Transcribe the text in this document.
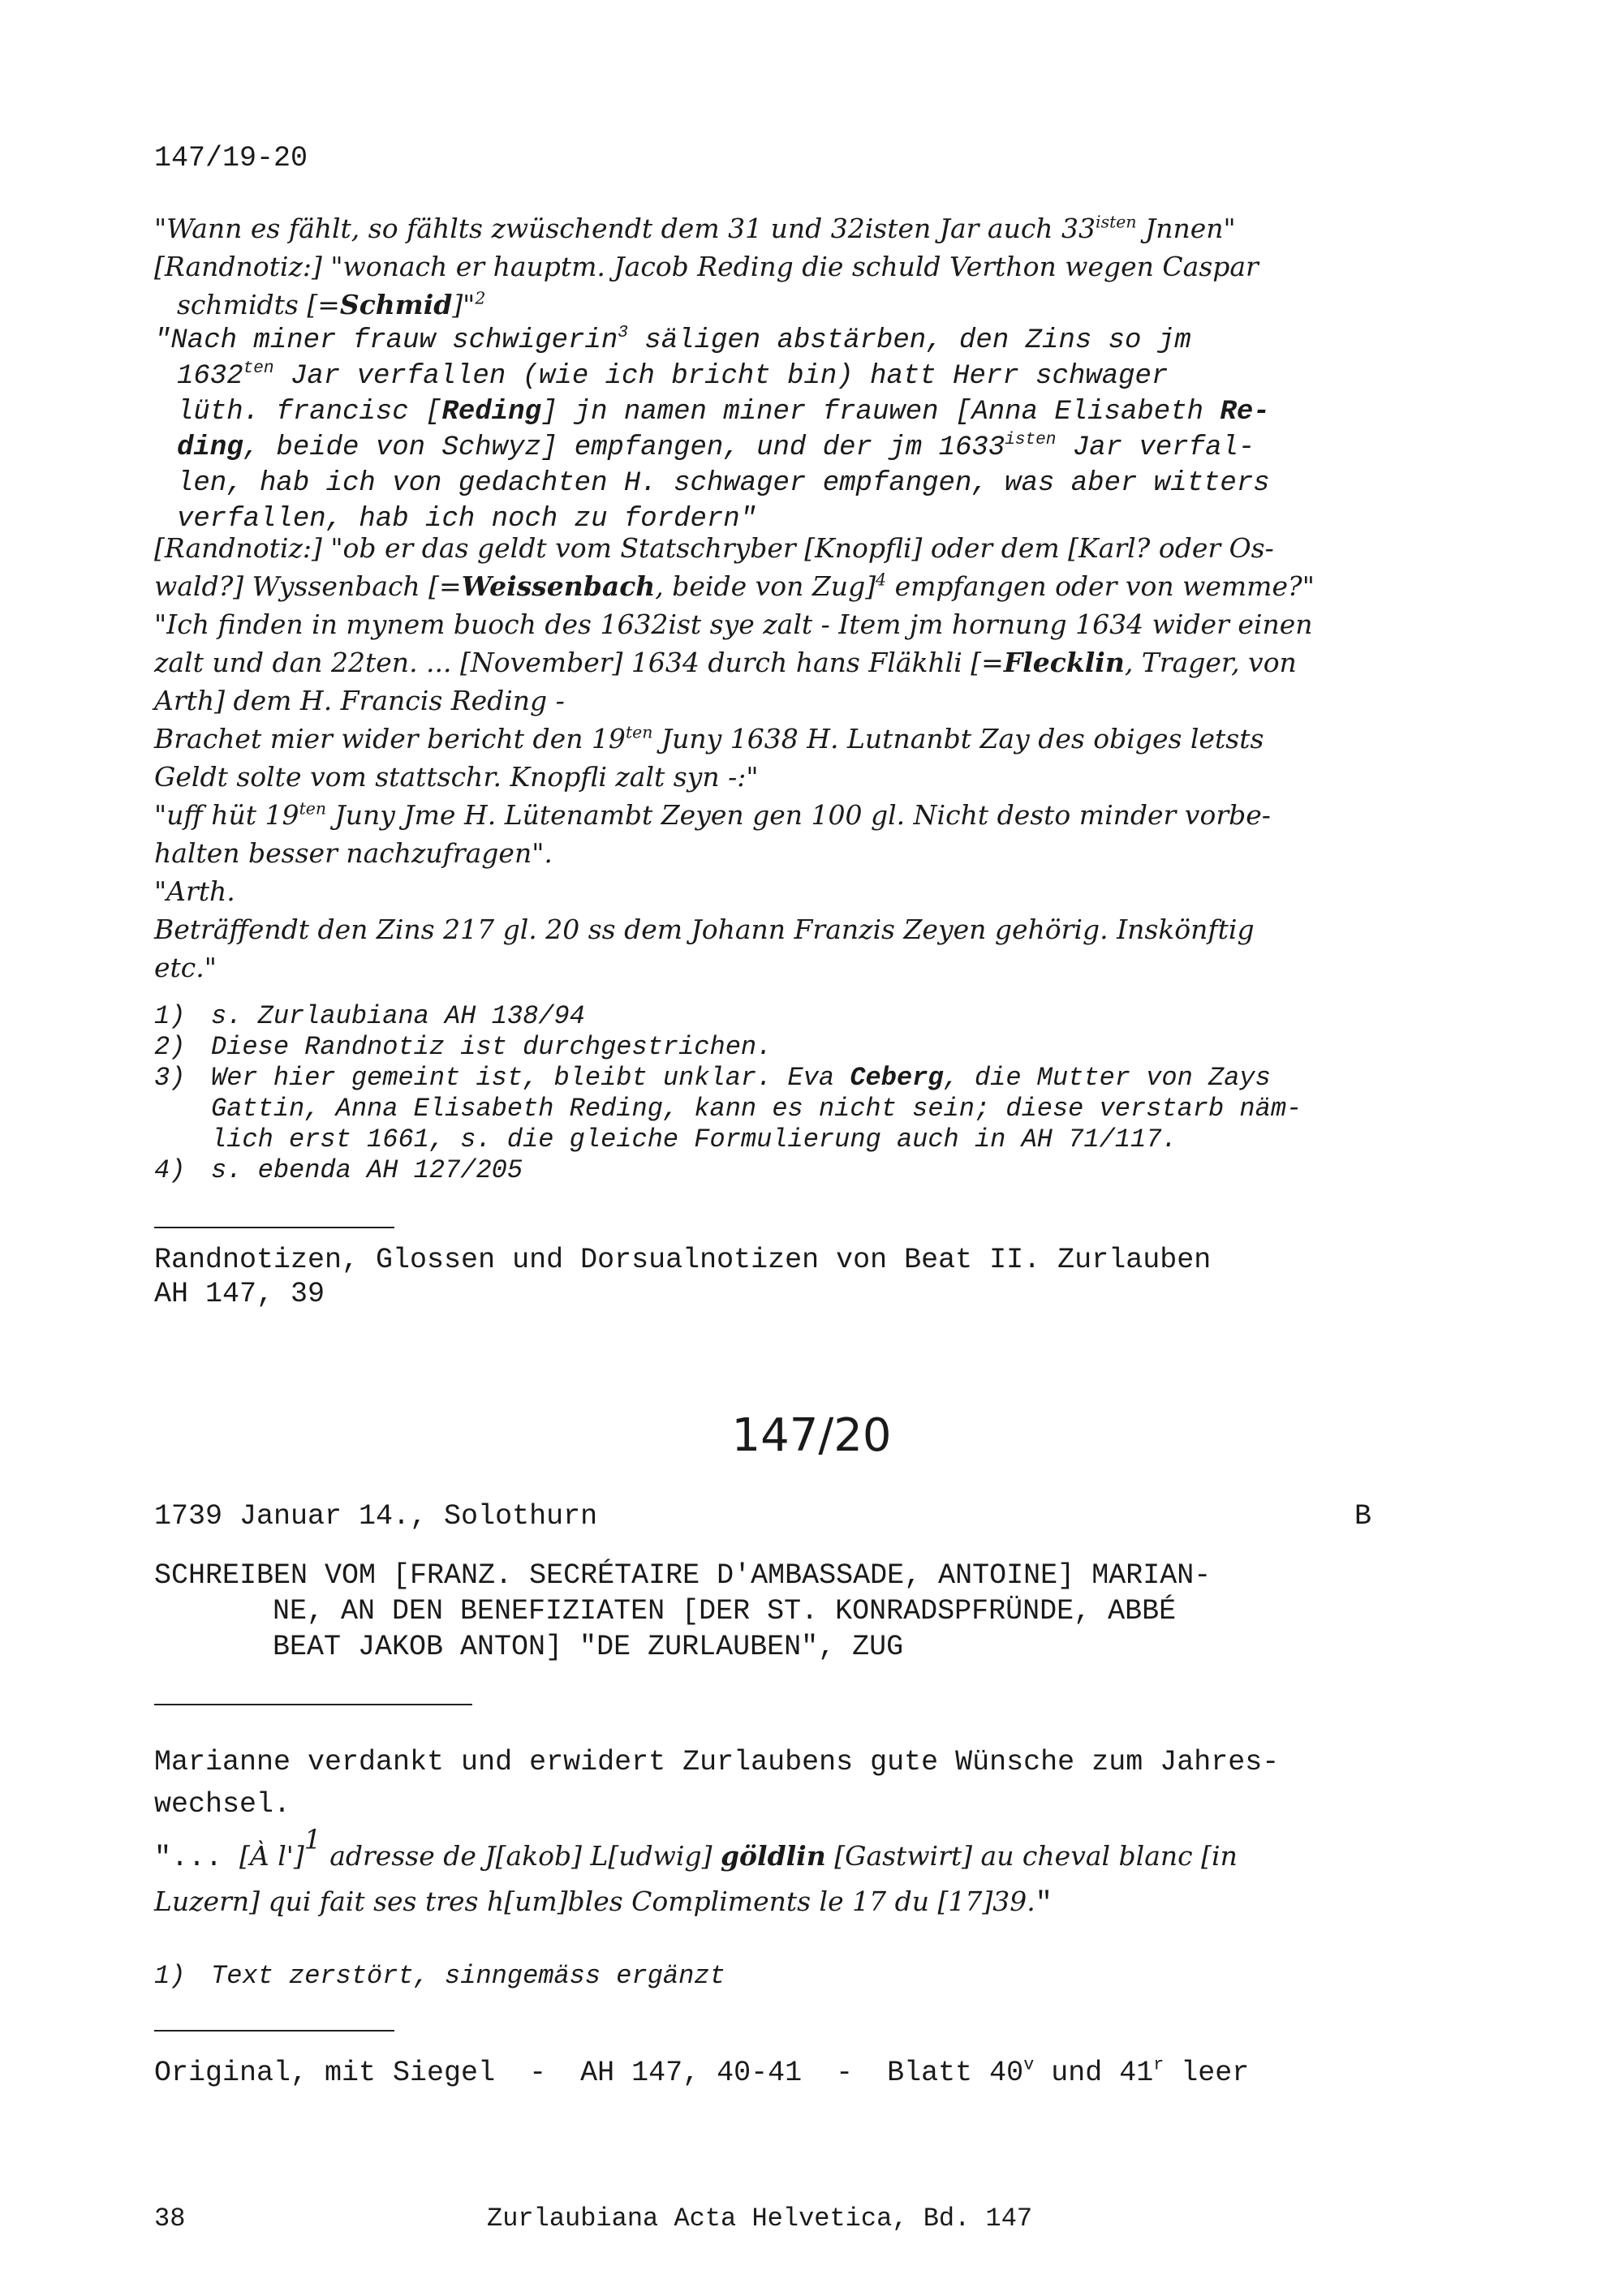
147/19-20
"Wann es fählt, so fählts zwüschendt dem 31 und 32isten Jar auch $33^{isten}$ Jnnen"
[Randnotiz:] "wonach er hauptm. Jacob Reding die schuld Verthon wegen Caspar
schmidts [=Schmid]"$^2$
"Nach miner frauw schwigerin$^3$ säligen abstärben, den Zins so jm
$1632^{ten}$ Jar verfallen (wie ich bricht bin) hatt Herr schwager
lüth. francisc [Reding] jn namen miner frauwen [Anna Elisabeth Re-
ding, beide von Schwyz] empfangen, und der jm $1633^{isten}$ Jar verfal-
len, hab ich von gedachten H. schwager empfangen, was aber witters
verfallen, hab ich noch zu fordern"
[Randnotiz:] "ob er das geldt vom Statschryber [Knopfli] oder dem [Karl? oder Os-
wald?] Wyssenbach [=Weissenbach, beide von Zug]$^4$ empfangen oder von wemme?"
"Ich finden in mynem buoch des 1632ist sye zalt - Item jm hornung 1634 wider einen
zalt und dan 22ten. ... [November] 1634 durch hans Fläkhli [=Flecklin, Trager, von
Arth] dem H. Francis Reding -
Brachet mier wider bericht den $19^{ten}$ Juny 1638 H. Lutnanbt Zay des obiges letsts
Geldt solte vom stattschr. Knopfli zalt syn -:"
"uff hüt $19^{ten}$ Juny Jme H. Lütenambt Zeyen gen 100 gl. Nicht desto minder vorbe-
halten besser nachzufragen".
"Arth.
Beträffendt den Zins 217 gl. 20 ss dem Johann Franzis Zeyen gehörig. Inskönftig
etc."
1) s. Zurlaubiana AH 138/94
2) Diese Randnotiz ist durchgestrichen.
3) Wer hier gemeint ist, bleibt unklar. Eva Ceberg, die Mutter von Zays
Gattin, Anna Elisabeth Reding, kann es nicht sein; diese verstarb näm-
lich erst 1661, s. die gleiche Formulierung auch in AH 71/117.
4) s. ebenda AH 127/205
Randnotizen, Glossen und Dorsualnotizen von Beat II. Zurlauben
AH 147, 39
147/20
1739 Januar 14., Solothurn	B
SCHREIBEN VOM [FRANZ. SECRÉTAIRE D'AMBASSADE, ANTOINE] MARIAN-
NE, AN DEN BENEFIZIATEN [DER ST. KONRADSPFRÜNDE, ABBÉ
BEAT JAKOB ANTON] "DE ZURLAUBEN", ZUG
Marianne verdankt und erwidert Zurlaubens gute Wünsche zum Jahres-
wechsel.
"... [À l']$^1$ adresse de J[akob] L[udwig] göldlin [Gastwirt] au cheval blanc [in
Luzern] qui fait ses tres h[um]bles Compliments le 17 du [17]39."
1) Text zerstört, sinngemäss ergänzt
Original, mit Siegel  -  AH 147, 40-41  -  Blatt 40$^v$ und 41$^r$ leer
38	Zurlaubiana Acta Helvetica, Bd. 147
